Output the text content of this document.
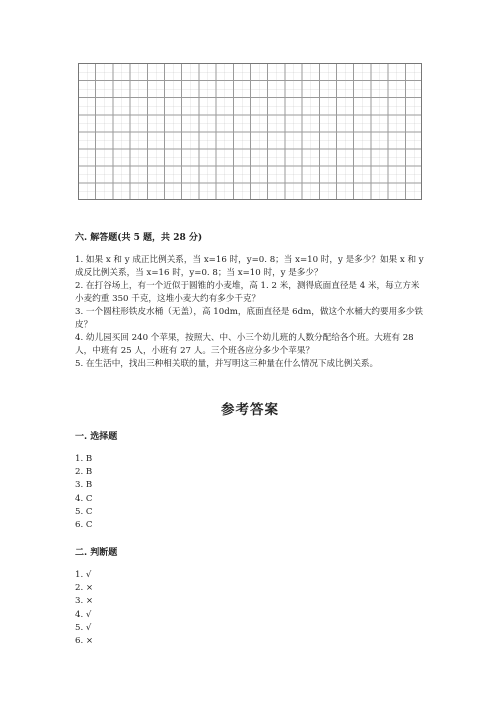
六. 解答题(共 5 题，共 28 分)
1. 如果 x 和 y 成正比例关系，当 x=16 时，y=0. 8；当 x=10 时，y 是多少？如果 x 和 y 成反比例关系，当 x=16 时，y=0. 8；当 x=10 时，y 是多少？
2. 在打谷场上，有一个近似于圆锥的小麦堆，高 1. 2 米，测得底面直径是 4 米，每立方米小麦约重 350 千克，这堆小麦大约有多少千克？
3. 一个圆柱形铁皮水桶（无盖），高 10dm，底面直径是 6dm，做这个水桶大约要用多少铁皮？
4. 幼儿园买回 240 个苹果，按照大、中、小三个幼儿班的人数分配给各个班。大班有 28 人，中班有 25 人，小班有 27 人。三个班各应分多少个苹果？
5. 在生活中，找出三种相关联的量，并写明这三种量在什么情况下成比例关系。
参考答案
一. 选择题
1. B
2. B
3. B
4. C
5. C
6. C
二. 判断题
1. √
2. ×
3. ×
4. √
5. √
6. ×
